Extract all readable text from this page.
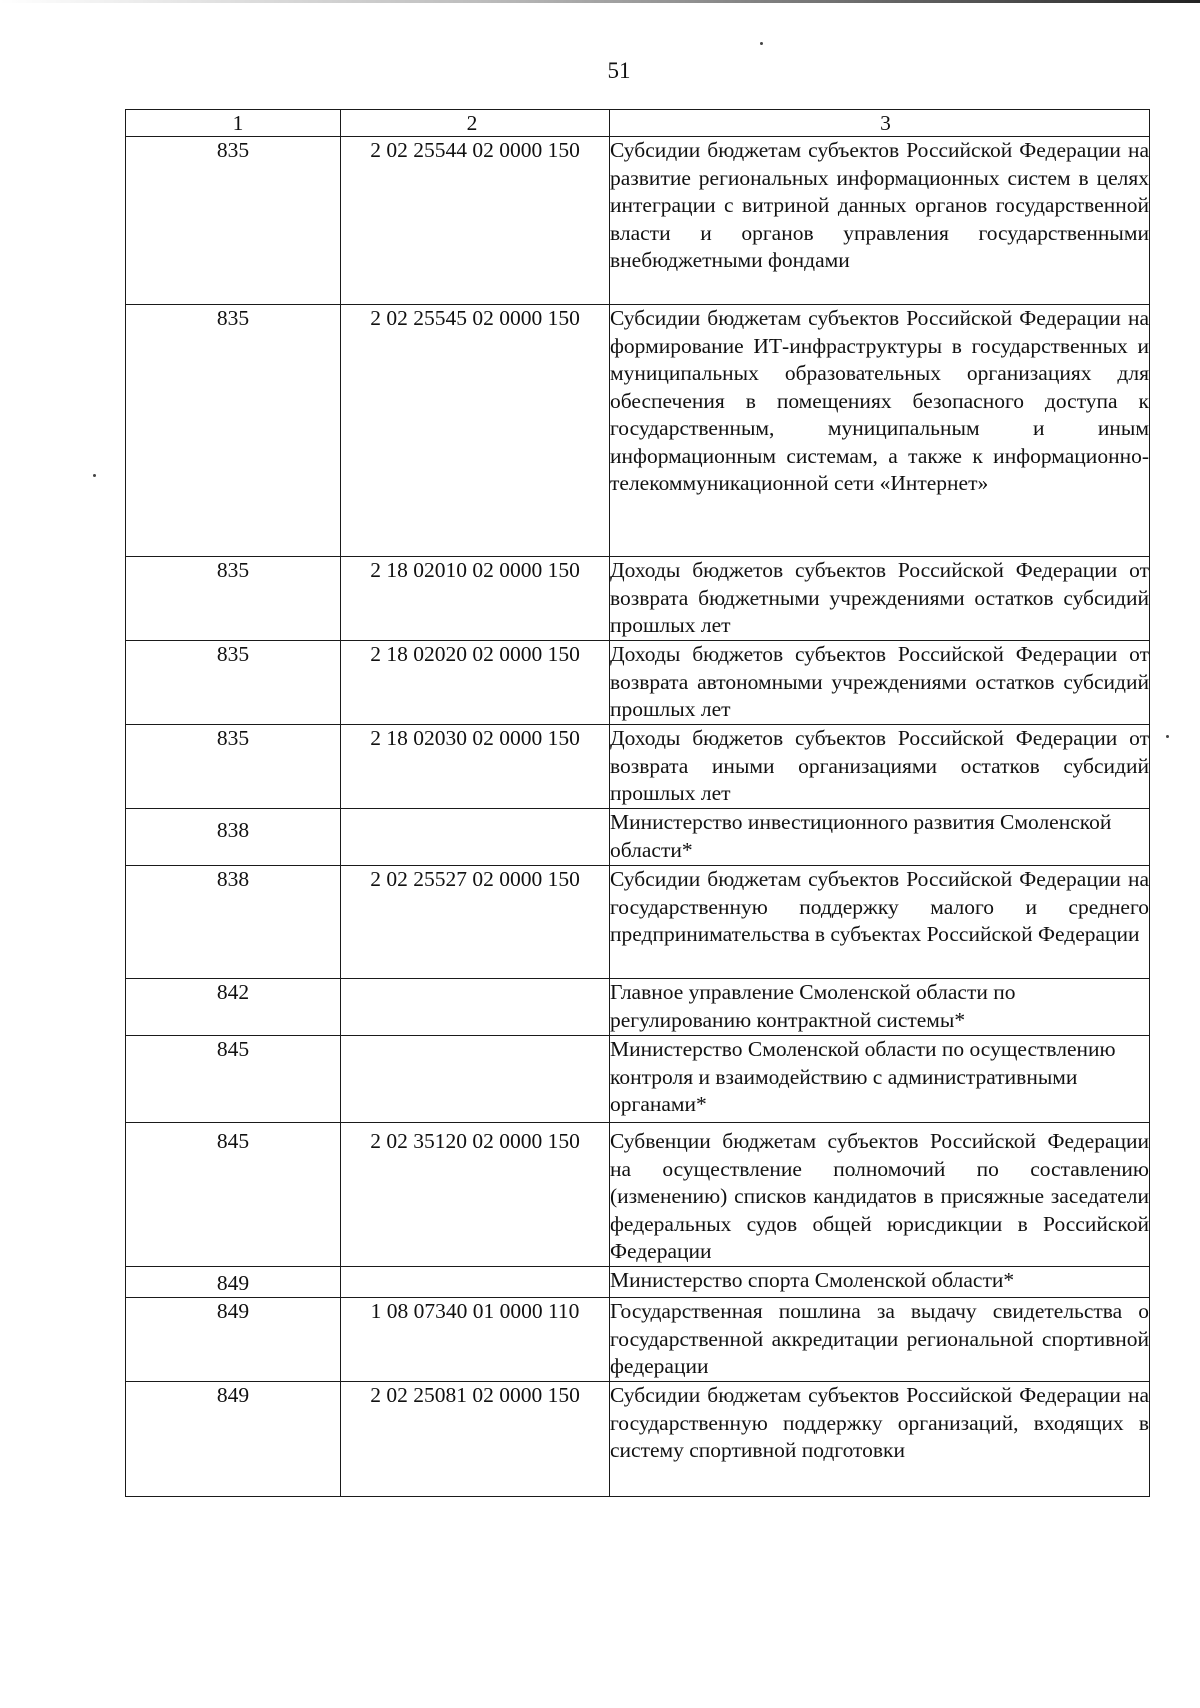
51
1	2	3
835	2 02 25544 02 0000 150	Субсидии бюджетам субъектов Российской Федерации на развитие региональных информационных систем в целях интеграции с витриной данных органов государственной власти и органов управления государственными внебюджетными фондами
835	2 02 25545 02 0000 150	Субсидии бюджетам субъектов Российской Федерации на формирование ИТ-инфраструктуры в государственных и муниципальных образовательных организациях для обеспечения в помещениях безопасного доступа к государственным, муниципальным и иным информационным системам, а также к информационно-телекоммуникационной сети «Интернет»
835	2 18 02010 02 0000 150	Доходы бюджетов субъектов Российской Федерации от возврата бюджетными учреждениями остатков субсидий прошлых лет
835	2 18 02020 02 0000 150	Доходы бюджетов субъектов Российской Федерации от возврата автономными учреждениями остатков субсидий прошлых лет
835	2 18 02030 02 0000 150	Доходы бюджетов субъектов Российской Федерации от возврата иными организациями остатков субсидий прошлых лет
838		Министерство инвестиционного развития Смоленской области*
838	2 02 25527 02 0000 150	Субсидии бюджетам субъектов Российской Федерации на государственную поддержку малого и среднего предпринимательства в субъектах Российской Федерации
842		Главное управление Смоленской области по регулированию контрактной системы*
845		Министерство Смоленской области по осуществлению контроля и взаимодействию с административными органами*
845	2 02 35120 02 0000 150	Субвенции бюджетам субъектов Российской Федерации на осуществление полномочий по составлению (изменению) списков кандидатов в присяжные заседатели федеральных судов общей юрисдикции в Российской Федерации
849		Министерство спорта Смоленской области*
849	1 08 07340 01 0000 110	Государственная пошлина за выдачу свидетельства о государственной аккредитации региональной спортивной федерации
849	2 02 25081 02 0000 150	Субсидии бюджетам субъектов Российской Федерации на государственную поддержку организаций, входящих в систему спортивной подготовки
